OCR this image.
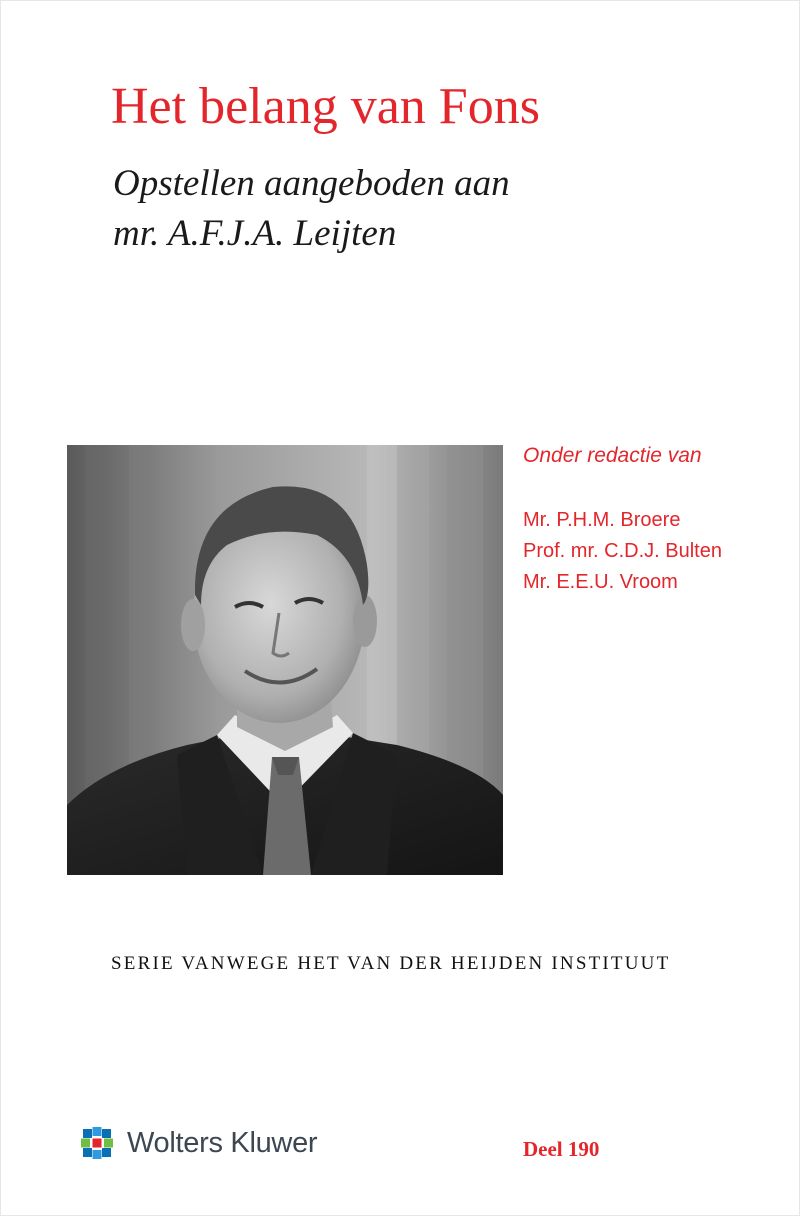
Het belang van Fons
Opstellen aangeboden aan
mr. A.F.J.A. Leijten
Onder redactie van
Mr. P.H.M. Broere
Prof. mr. C.D.J. Bulten
Mr. E.E.U. Vroom
SERIE VANWEGE HET VAN DER HEIJDEN INSTITUUT
Wolters Kluwer	Deel 190
